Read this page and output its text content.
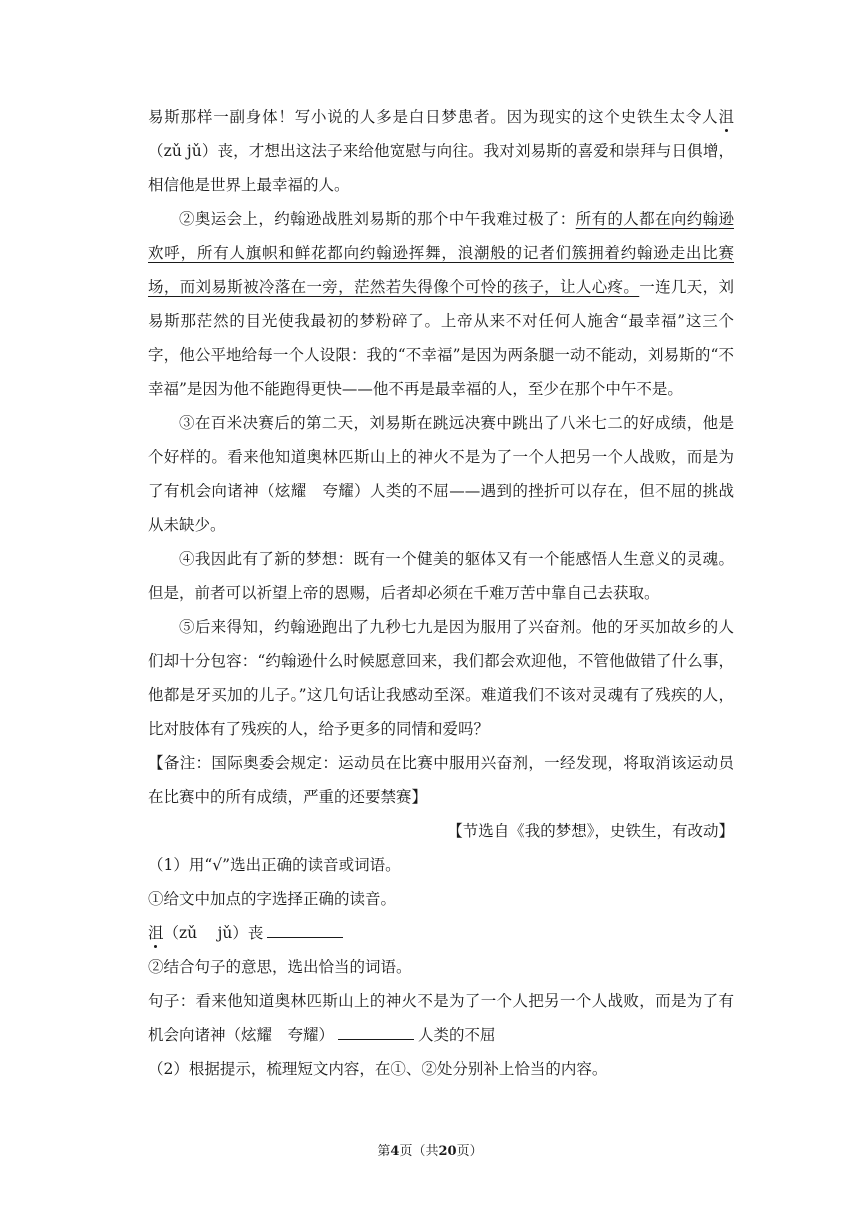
易斯那样一副身体！写小说的人多是白日梦患者。因为现实的这个史铁生太令人沮（zǔ jǔ）丧，才想出这法子来给他宽慰与向往。我对刘易斯的喜爱和崇拜与日俱增，相信他是世界上最幸福的人。

②奥运会上，约翰逊战胜刘易斯的那个中午我难过极了：所有的人都在向约翰逊欢呼，所有人旗帜和鲜花都向约翰逊挥舞，浪潮般的记者们簇拥着约翰逊走出比赛场，而刘易斯被冷落在一旁，茫然若失得像个可怜的孩子，让人心疼。一连几天，刘易斯那茫然的目光使我最初的梦粉碎了。上帝从来不对任何人施舍“最幸福”这三个字，他公平地给每一个人设限：我的“不幸福”是因为两条腿一动不能动，刘易斯的“不幸福”是因为他不能跑得更快——他不再是最幸福的人，至少在那个中午不是。

③在百米决赛后的第二天，刘易斯在跳远决赛中跳出了八米七二的好成绩，他是个好样的。看来他知道奥林匹斯山上的神火不是为了一个人把另一个人战败，而是为了有机会向诸神（炫耀　夸耀）人类的不屈——遇到的挫折可以存在，但不屈的挑战从未缺少。

④我因此有了新的梦想：既有一个健美的躯体又有一个能感悟人生意义的灵魂。但是，前者可以祈望上帝的恩赐，后者却必须在千难万苦中靠自己去获取。

⑤后来得知，约翰逊跑出了九秒七九是因为服用了兴奋剂。他的牙买加故乡的人们却十分包容：“约翰逊什么时候愿意回来，我们都会欢迎他，不管他做错了什么事，他都是牙买加的儿子。”这几句话让我感动至深。难道我们不该对灵魂有了残疾的人，比对肢体有了残疾的人，给予更多的同情和爱吗？

【备注：国际奥委会规定：运动员在比赛中服用兴奋剂，一经发现，将取消该运动员在比赛中的所有成绩，严重的还要禁赛】

【节选自《我的梦想》，史铁生，有改动】

（1）用“√”选出正确的读音或词语。

①给文中加点的字选择正确的读音。

沮（zǔ　 jǔ）丧

②结合句子的意思，选出恰当的词语。

句子：看来他知道奥林匹斯山上的神火不是为了一个人把另一个人战败，而是为了有机会向诸神（炫耀　夸耀）	人类的不屈

（2）根据提示，梳理短文内容，在①、②处分别补上恰当的内容。

第4页（共20页）
